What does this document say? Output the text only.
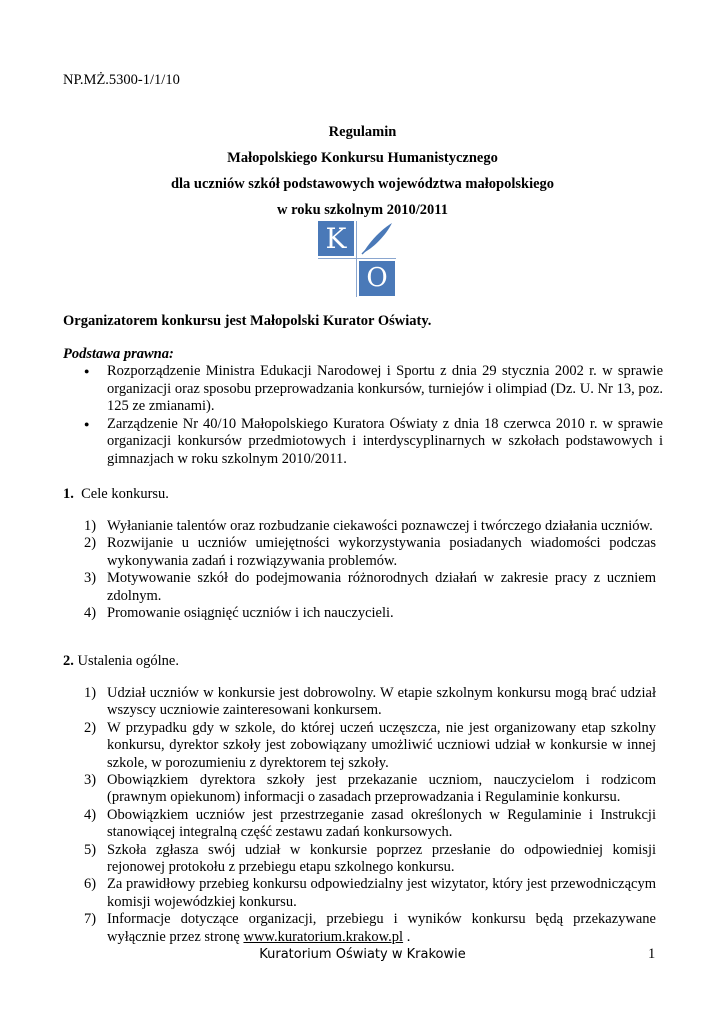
NP.MŻ.5300-1/1/10
Regulamin
Małopolskiego Konkursu Humanistycznego
dla uczniów szkół podstawowych województwa małopolskiego
w roku szkolnym 2010/2011
K
O
Organizatorem konkursu jest Małopolski Kurator Oświaty.
Podstawa prawna:
● Rozporządzenie Ministra Edukacji Narodowej i Sportu z dnia 29 stycznia 2002 r. w sprawie organizacji oraz sposobu przeprowadzania konkursów, turniejów i olimpiad (Dz. U. Nr 13, poz. 125 ze zmianami).
● Zarządzenie Nr 40/10 Małopolskiego Kuratora Oświaty z dnia 18 czerwca 2010 r. w sprawie organizacji konkursów przedmiotowych i interdyscyplinarnych w szkołach podstawowych i gimnazjach w roku szkolnym 2010/2011.
1. Cele konkursu.
1) Wyłanianie talentów oraz rozbudzanie ciekawości poznawczej i twórczego działania uczniów.
2) Rozwijanie u uczniów umiejętności wykorzystywania posiadanych wiadomości podczas wykonywania zadań i rozwiązywania problemów.
3) Motywowanie szkół do podejmowania różnorodnych działań w zakresie pracy z uczniem zdolnym.
4) Promowanie osiągnięć uczniów i ich nauczycieli.
2. Ustalenia ogólne.
1) Udział uczniów w konkursie jest dobrowolny. W etapie szkolnym konkursu mogą brać udział wszyscy uczniowie zainteresowani konkursem.
2) W przypadku gdy w szkole, do której uczeń uczęszcza, nie jest organizowany etap szkolny konkursu, dyrektor szkoły jest zobowiązany umożliwić uczniowi udział w konkursie w innej szkole, w porozumieniu z dyrektorem tej szkoły.
3) Obowiązkiem dyrektora szkoły jest przekazanie uczniom, nauczycielom i rodzicom (prawnym opiekunom) informacji o zasadach przeprowadzania i Regulaminie konkursu.
4) Obowiązkiem uczniów jest przestrzeganie zasad określonych w Regulaminie i Instrukcji stanowiącej integralną część zestawu zadań konkursowych.
5) Szkoła zgłasza swój udział w konkursie poprzez przesłanie do odpowiedniej komisji rejonowej protokołu z przebiegu etapu szkolnego konkursu.
6) Za prawidłowy przebieg konkursu odpowiedzialny jest wizytator, który jest przewodniczącym komisji wojewódzkiej konkursu.
7) Informacje dotyczące organizacji, przebiegu i wyników konkursu będą przekazywane wyłącznie przez stronę www.kuratorium.krakow.pl .
Kuratorium Oświaty w Krakowie	1
